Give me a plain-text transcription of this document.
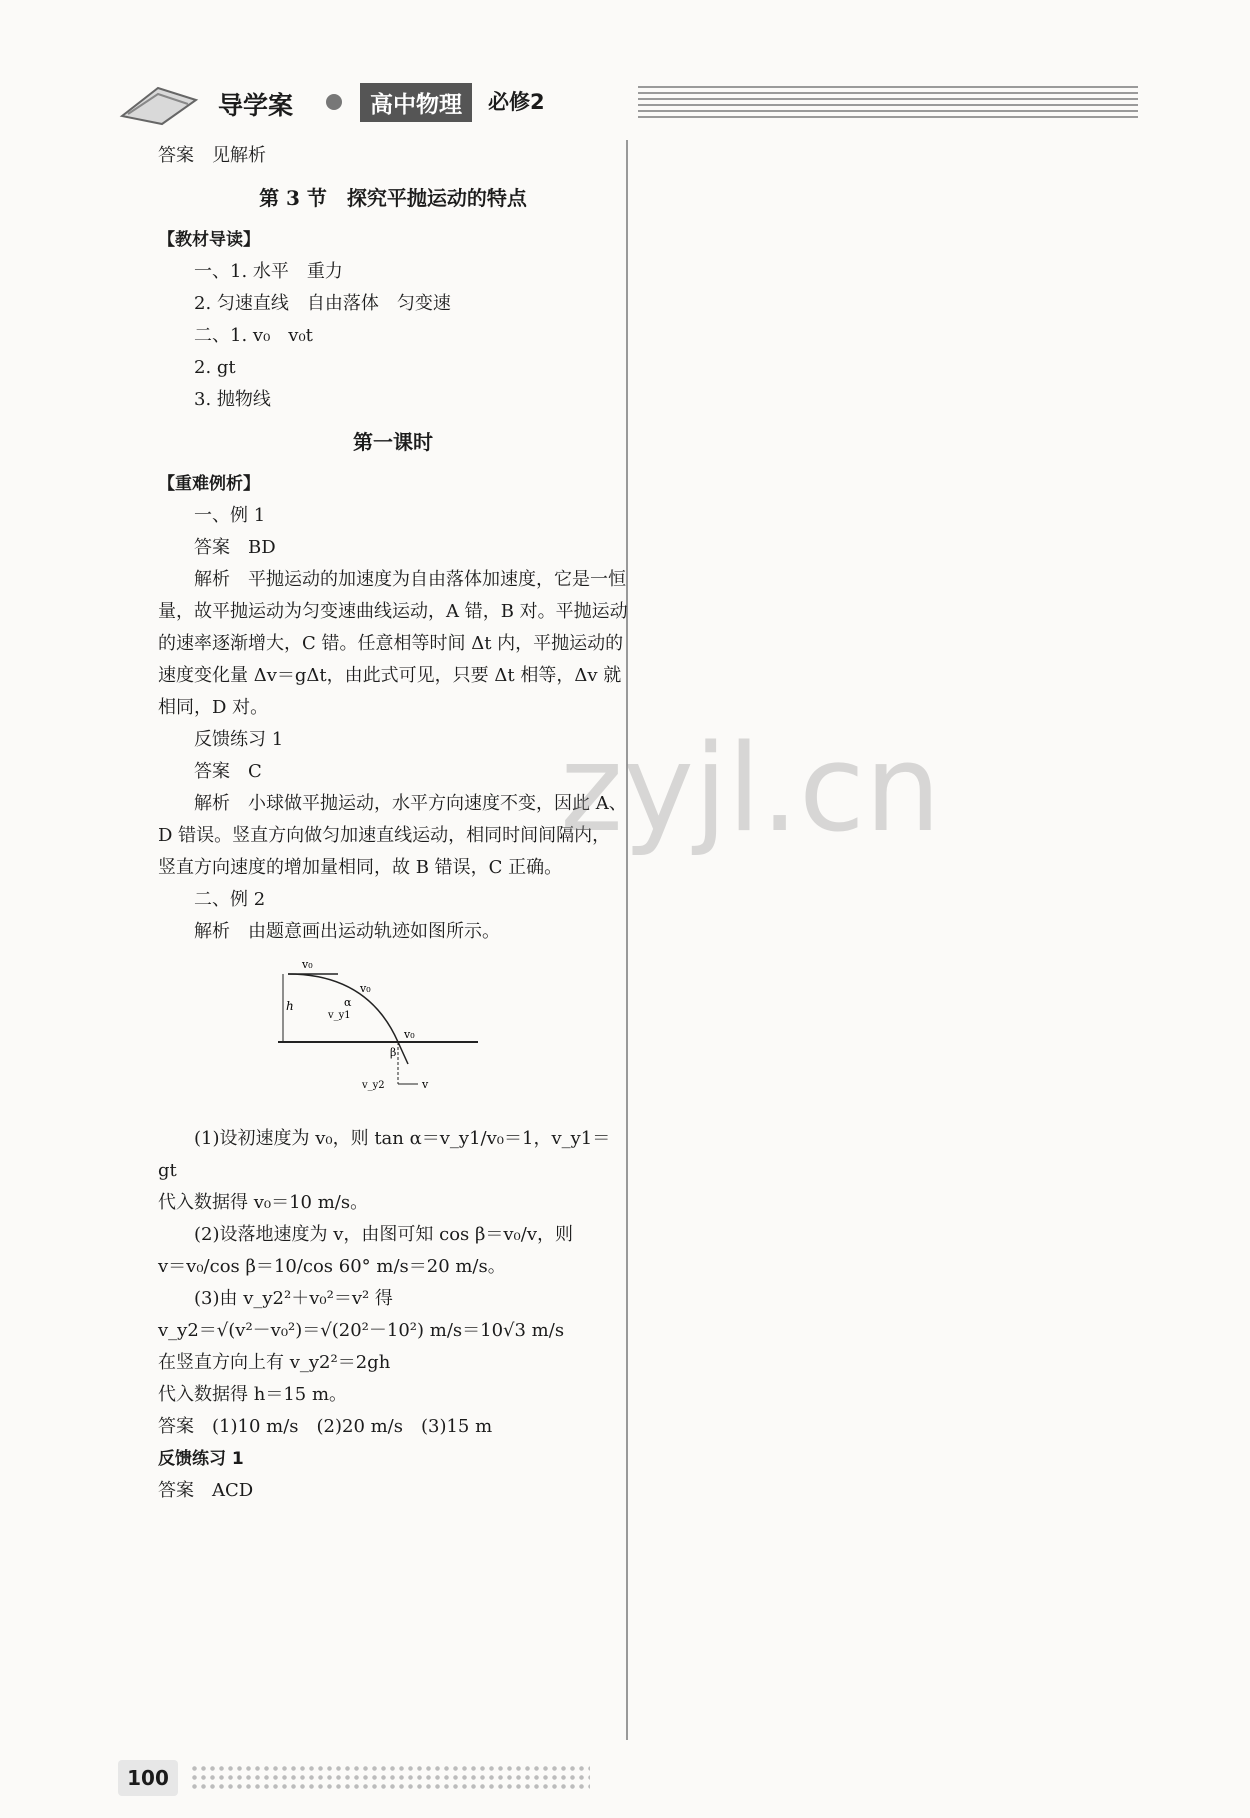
导学案	高中物理	必修2

答案　见解析

第 3 节　探究平抛运动的特点

【教材导读】

一、1. 水平　重力

2. 匀速直线　自由落体　匀变速

二、1. v₀　v₀t

2. gt

3. 抛物线

第一课时

【重难例析】

一、例 1

答案　BD

解析　平抛运动的加速度为自由落体加速度，它是一恒量，故平抛运动为匀变速曲线运动，A 错，B 对。平抛运动的速率逐渐增大，C 错。任意相等时间 Δt 内，平抛运动的速度变化量 Δv＝gΔt，由此式可见，只要 Δt 相等，Δv 就相同，D 对。

反馈练习 1

答案　C

解析　小球做平抛运动，水平方向速度不变，因此 A、D 错误。竖直方向做匀加速直线运动，相同时间间隔内，竖直方向速度的增加量相同，故 B 错误，C 正确。

二、例 2

解析　由题意画出运动轨迹如图所示。

v₀
v₀
α
v_y1
h
v₀
β
v_y2	v

(1)设初速度为 v₀，则 tan α＝v_y1/v₀＝1，v_y1＝gt

代入数据得 v₀＝10 m/s。

(2)设落地速度为 v，由图可知 cos β＝v₀/v，则

v＝v₀/cos β＝10/cos 60° m/s＝20 m/s。

(3)由 v_y2²＋v₀²＝v² 得

v_y2＝√(v²－v₀²)＝√(20²－10²) m/s＝10√3 m/s

在竖直方向上有 v_y2²＝2gh

代入数据得 h＝15 m。

答案　(1)10 m/s　(2)20 m/s　(3)15 m

反馈练习 1

答案　ACD

zyjl.cn
100
